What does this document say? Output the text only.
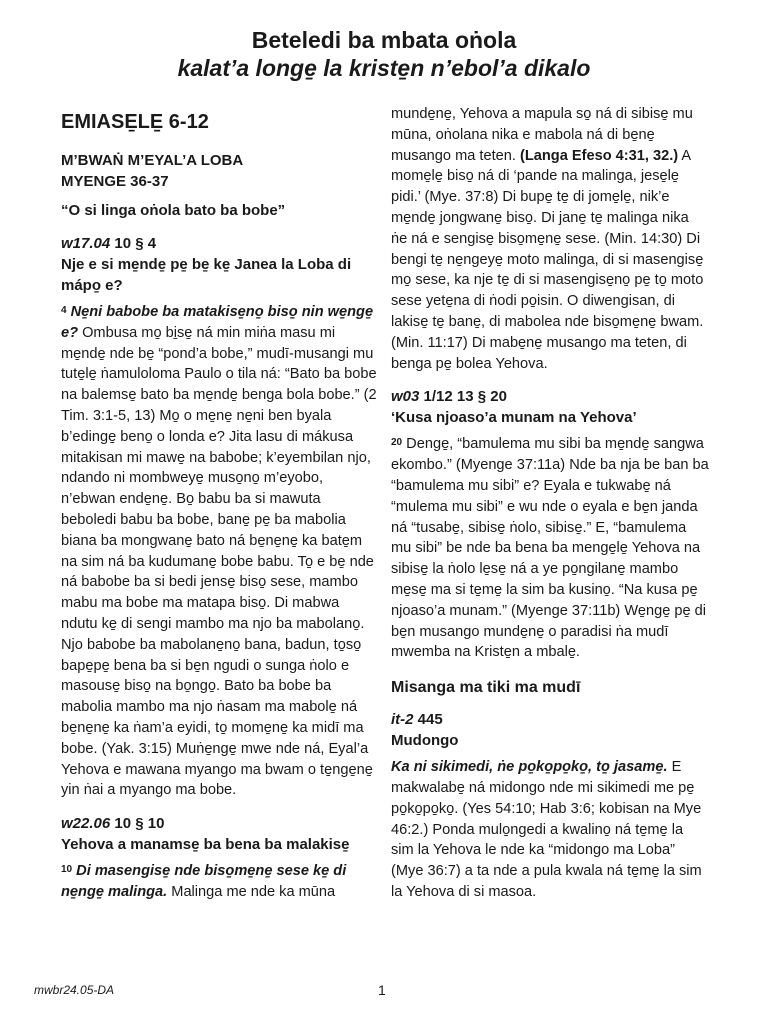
Beteledi ba mbata oṅola
kalat’a longe̱ la kriste̱n n’ebol’a dikalo
EMIASE̱LE̱ 6-12
M’BWAṄ M’EYAL’A LOBA
MYENGE 36-37
“O si linga oṅola bato ba bobe”
w17.04 10 § 4
Nje e si me̱nde̱ pe̱ be̱ ke̱ Janea la Loba di mápo̱ e?

$^4$ Ne̱ni babobe ba matakise̱no̱ biso̱ nin we̱nge̱ e? Ombusa mo̱ bi̱se̱ ná min miṅa masu mi me̱nde̱ nde be̱ “pond’a bobe,” mudī-musangi mu tute̱le̱ ṅamuloloma Paulo o tila ná: “Bato ba bobe na balemse̱ bato ba me̱nde̱ benga bola bobe.” (2 Tim. 3:1-5, 13) Mo̱ o me̱ne̱ ne̱ni ben byala b’edinge̱ beno̱ o londa e? Jita lasu di mákusa mitakisan mi mawe̱ na babobe; k’eyembilan njo, ndando ni mombweye̱ muso̱no̱ m’eyobo, n’ebwan ende̱ne̱. Bo̱ babu ba si mawuta beboledi babu ba bobe, bane̱ pe̱ ba mabolia biana ba mongwane̱ bato ná be̱ne̱ne̱ ka bate̱m na sim ná ba kudumane̱ bobe babu. To̱ e be̱ nde ná babobe ba si bedi jense̱ biso̱ sese, mambo mabu ma bobe ma matapa biso̱. Di mabwa ndutu ke̱ di sengi mambo ma njo ba mabolano̱. Njo babobe ba mabolane̱no̱ bana, badun, to̱so̱ bape̱pe̱ bena ba si be̱n ngudi o sunga ṅolo e masouse̱ biso̱ na bo̱ngo̱. Bato ba bobe ba mabolia mambo ma njo ṅasam ma mabole̱ ná be̱ne̱ne̱ ka ṅam’a eyidi, to̱ mome̱ne̱ ka midī ma bobe. (Yak. 3:15) Muṅe̱nge̱ mwe nde ná, Eyal’a Yehova e mawana myango ma bwam o te̱nge̱ne̱ yin ṅai a myango ma bobe.

w22.06 10 § 10
Yehova a manamse̱ ba bena ba malakise̱

$^{10}$ Di masengise̱ nde biso̱me̱ne̱ sese ke̱ di ne̱nge̱ malinga. Malinga me nde ka mūna

munde̱ne̱, Yehova a mapula so̱ ná di sibise̱ mu mūna, oṅolana nika e mabola ná di be̱ne̱ musango ma teten. (Langa Efeso 4:31, 32.) A mome̱le̱ biso̱ ná di ‘pande na malinga, jese̱le̱ pidi.’ (Mye. 37:8) Di bupe̱ te̱ di jome̱le̱, nik’e me̱nde̱ jongwane̱ biso̱. Di jane̱ te̱ malinga nika ṅe ná e sengise̱ biso̱me̱ne̱ sese. (Min. 14:30) Di bengi te̱ ne̱ngeye̱ moto malinga, di si masengise̱ mo̱ sese, ka nje te̱ di si masengise̱no̱ pe̱ to̱ moto sese yete̱na di ṅodi po̱isin. O diwengisan, di lakise̱ te̱ bane̱, di mabolea nde biso̱me̱ne̱ bwam. (Min. 11:17) Di mabe̱ne̱ musango ma teten, di benga pe̱ bolea Yehova.

w03 1/12 13 § 20
‘Kusa njoaso’a munam na Yehova’

$^{20}$ Denge̱, “bamulema mu sibi ba me̱nde̱ sangwa ekombo.” (Myenge 37:11a) Nde ba nja be ban ba “bamulema mu sibi” e? Eyala e tukwabe̱ ná “mulema mu sibi” e wu nde o eyala e be̱n janda ná “tusabe̱, sibise̱ ṅolo, sibise̱.” E, “bamulema mu sibi” be nde ba bena ba menge̱le̱ Yehova na sibise̱ la ṅolo le̱se̱ ná a ye po̱ngilane̱ mambo me̱se̱ ma si te̱me̱ la sim ba kusino̱. “Na kusa pe̱ njoaso’a munam.” (Myenge 37:11b) We̱nge̱ pe̱ di be̱n musango munde̱ne̱ o paradisi ṅa mudī mwemba na Kriste̱n a mbale̱.

Misanga ma tiki ma mudī
it-2 445
Mudongo

Ka ni sikimedi, ṅe po̱ko̱po̱ko̱, to̱ jasame̱. E makwalabe̱ ná midongo nde mi sikimedi me pe̱ po̱ko̱po̱ko̱. (Yes 54:10; Hab 3:6; kobisan na Mye 46:2.) Ponda mulo̱ngedi a kwalino̱ ná te̱me̱ la sim la Yehova le nde ka “midongo ma Loba” (Mye 36:7) a ta nde a pula kwala ná te̱me̱ la sim la Yehova di si masoa.

mwbr24.05-DA	1
